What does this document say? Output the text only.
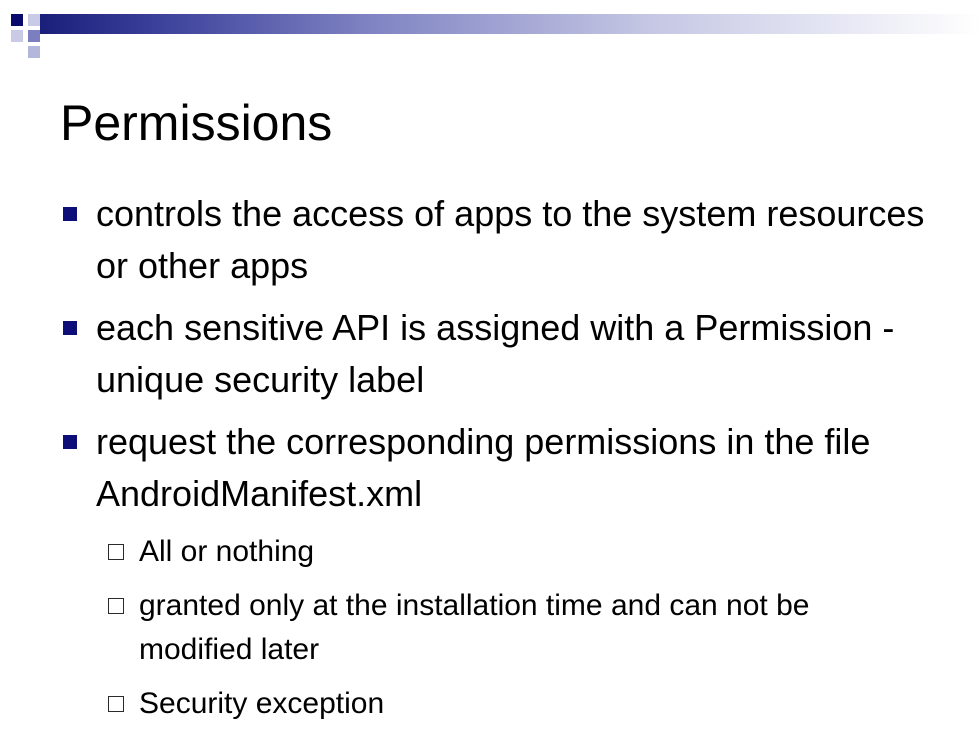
Permissions
controls the access of apps to the system resources or other apps
each sensitive API is assigned with a Permission - unique security label
request the corresponding permissions in the file AndroidManifest.xml
All or nothing
granted only at the installation time and can not be modified later
Security exception
